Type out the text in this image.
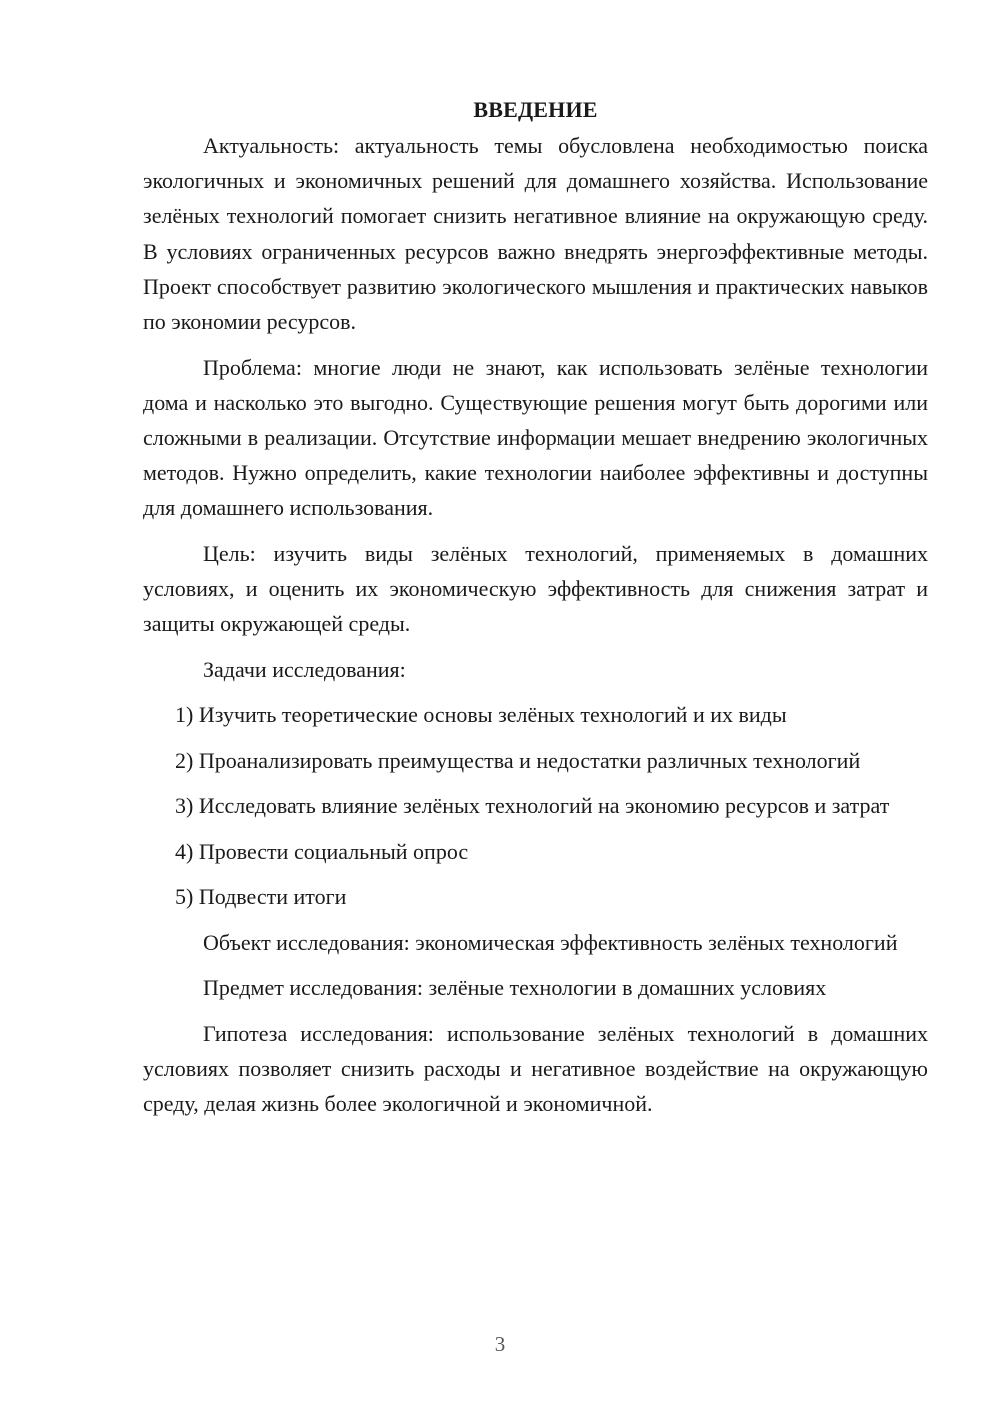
ВВЕДЕНИЕ

Актуальность: актуальность темы обусловлена необходимостью поиска экологичных и экономичных решений для домашнего хозяйства. Использование зелёных технологий помогает снизить негативное влияние на окружающую среду. В условиях ограниченных ресурсов важно внедрять энергоэффективные методы. Проект способствует развитию экологического мышления и практических навыков по экономии ресурсов.

Проблема: многие люди не знают, как использовать зелёные технологии дома и насколько это выгодно. Существующие решения могут быть дорогими или сложными в реализации. Отсутствие информации мешает внедрению экологичных методов. Нужно определить, какие технологии наиболее эффективны и доступны для домашнего использования.

Цель: изучить виды зелёных технологий, применяемых в домашних условиях, и оценить их экономическую эффективность для снижения затрат и защиты окружающей среды.

Задачи исследования:

1) Изучить теоретические основы зелёных технологий и их виды

2) Проанализировать преимущества и недостатки различных технологий

3) Исследовать влияние зелёных технологий на экономию ресурсов и затрат

4) Провести социальный опрос

5) Подвести итоги

Объект исследования: экономическая эффективность зелёных технологий

Предмет исследования: зелёные технологии в домашних условиях

Гипотеза исследования: использование зелёных технологий в домашних условиях позволяет снизить расходы и негативное воздействие на окружающую среду, делая жизнь более экологичной и экономичной.

3
